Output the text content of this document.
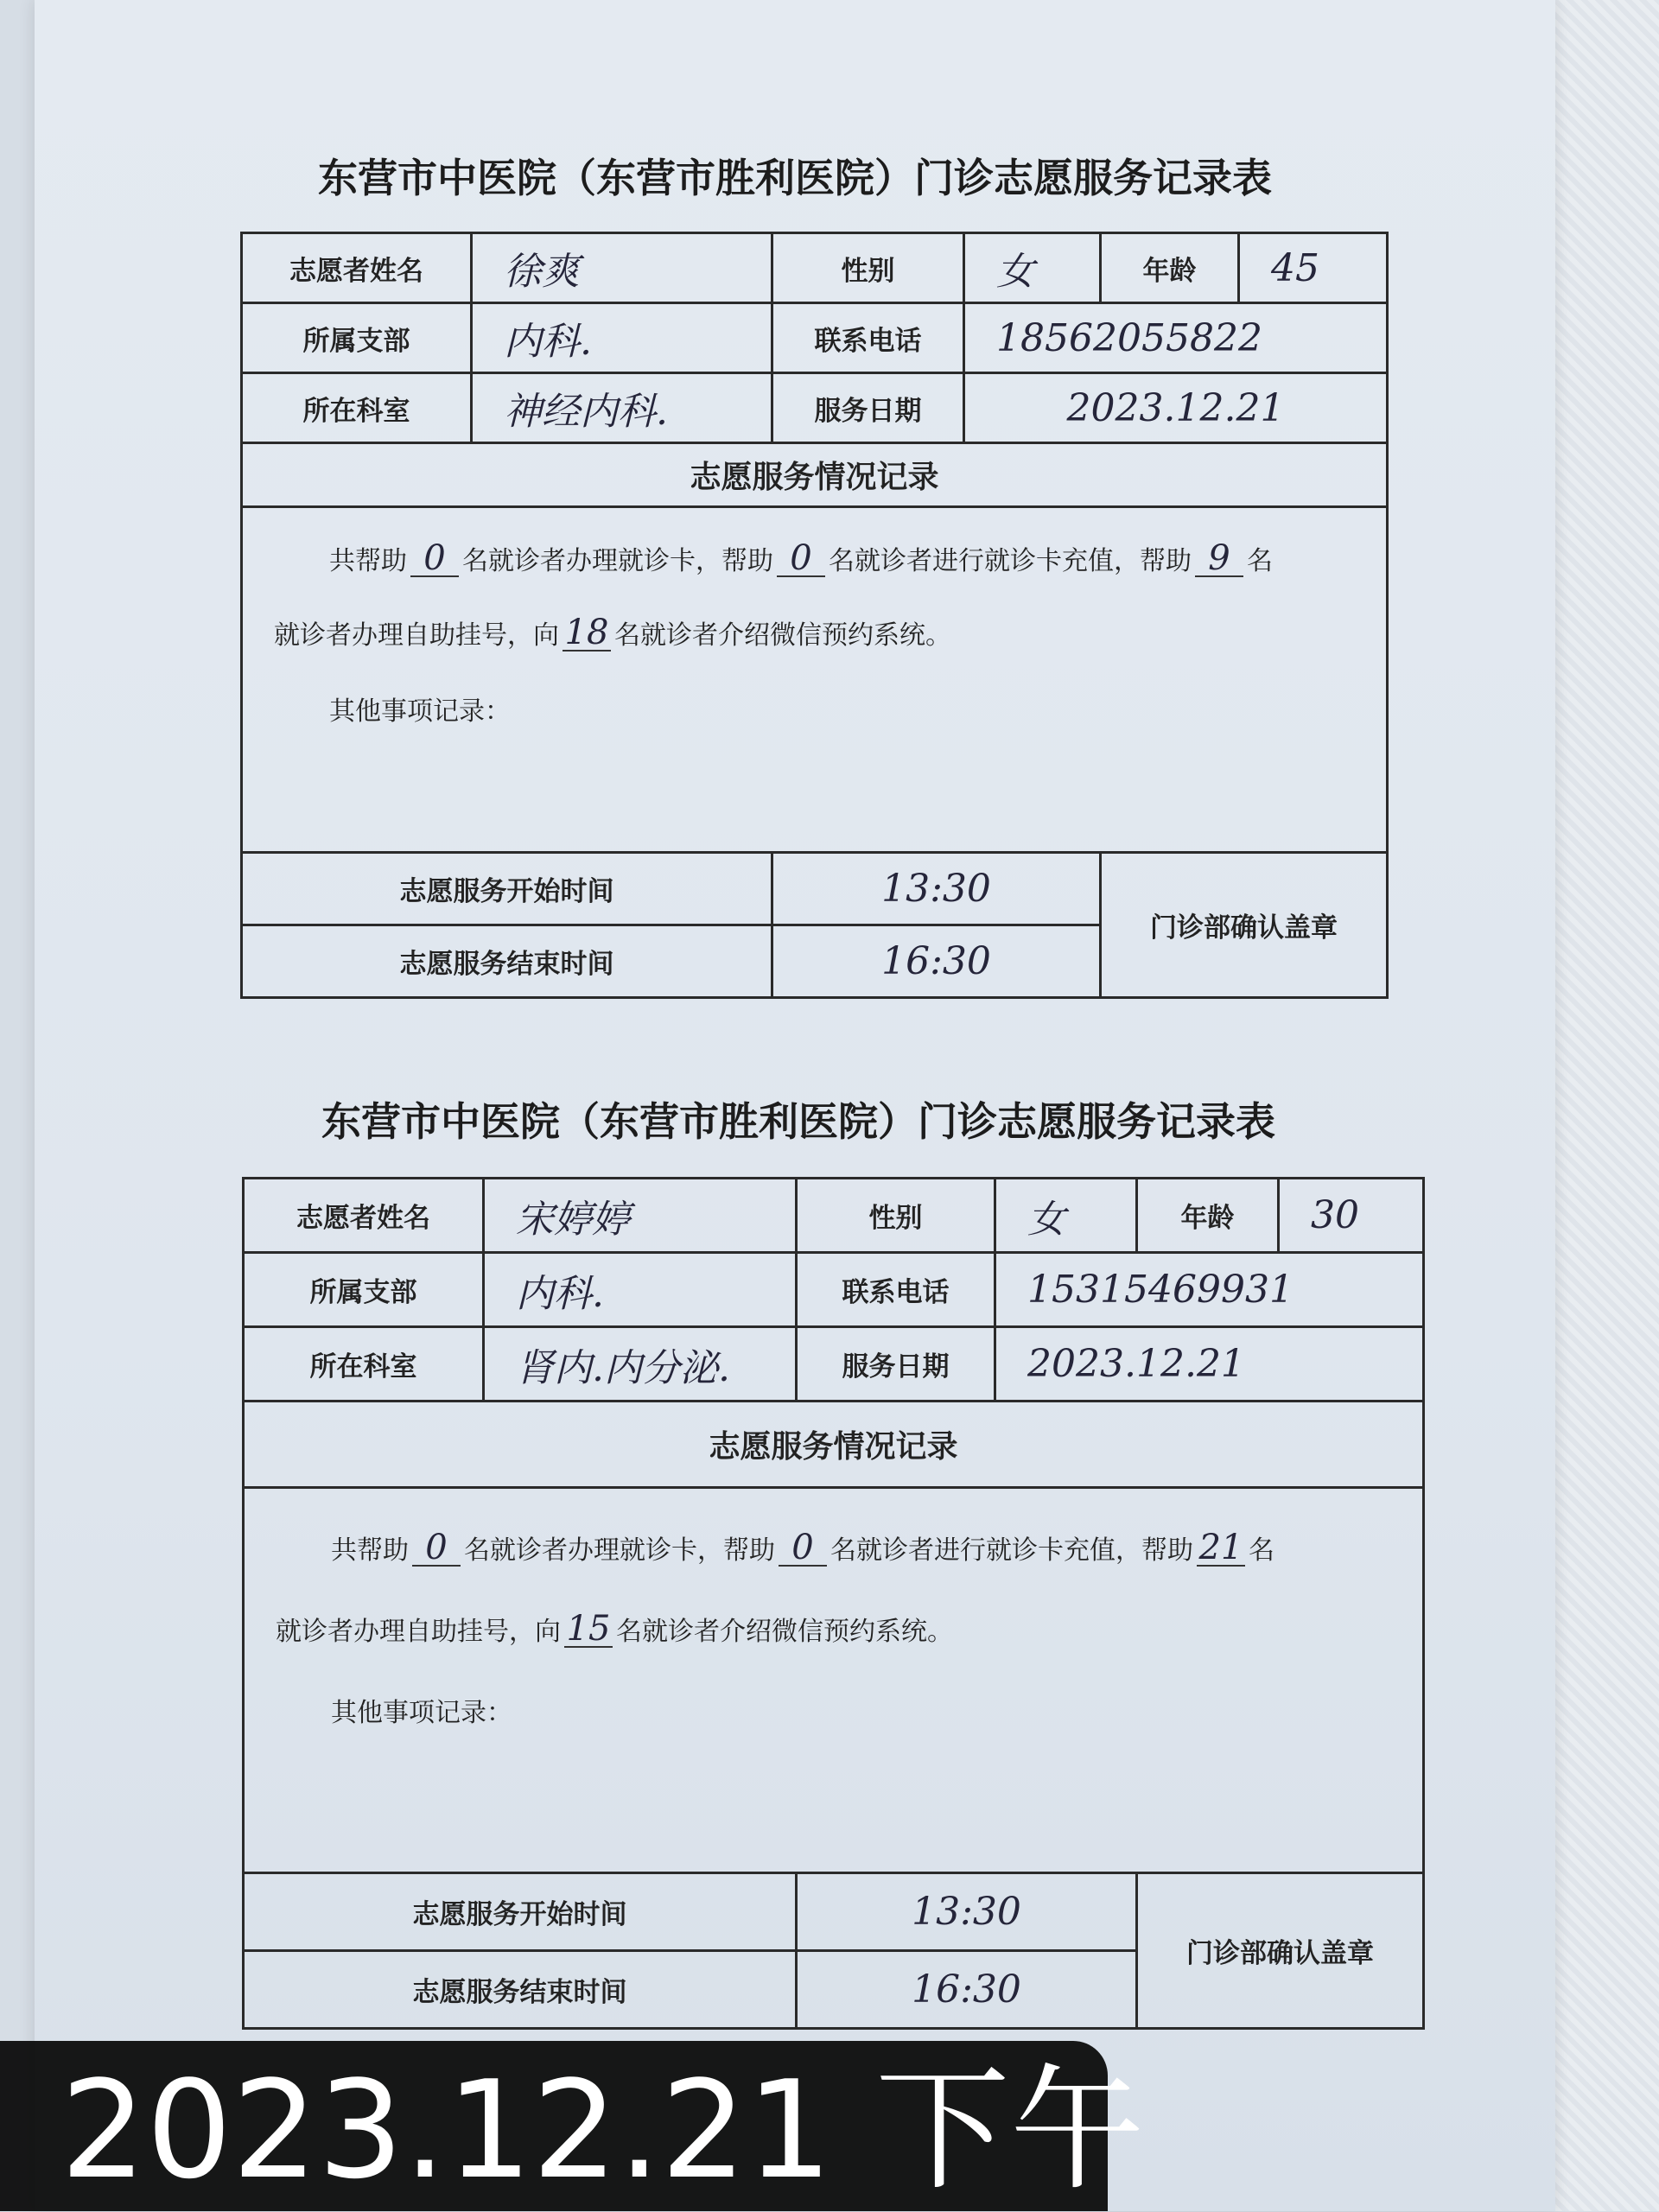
东营市中医院（东营市胜利医院）门诊志愿服务记录表
志愿者姓名	徐爽	性别	女	年龄	45
所属支部	内科.	联系电话	18562055822		
所在科室	神经内科.	服务日期	2023.12.21		
志愿服务情况记录					

共帮助 0 名就诊者办理就诊卡，帮助 0 名就诊者进行就诊卡充值，帮助 9 名
就诊者办理自助挂号，向 18 名就诊者介绍微信预约系统。
其他事项记录：					

志愿服务开始时间		13:30		门诊部确认盖章	
志愿服务结束时间		16:30			
东营市中医院（东营市胜利医院）门诊志愿服务记录表
志愿者姓名	宋婷婷	性别	女	年龄	30
所属支部	内科.	联系电话	15315469931		
所在科室	肾内.内分泌.	服务日期	2023.12.21		
志愿服务情况记录					

共帮助 0 名就诊者办理就诊卡，帮助 0 名就诊者进行就诊卡充值，帮助 21 名
就诊者办理自助挂号，向 15 名就诊者介绍微信预约系统。
其他事项记录：					

志愿服务开始时间		13:30		门诊部确认盖章	
志愿服务结束时间		16:30			
2023.12.21 下午
